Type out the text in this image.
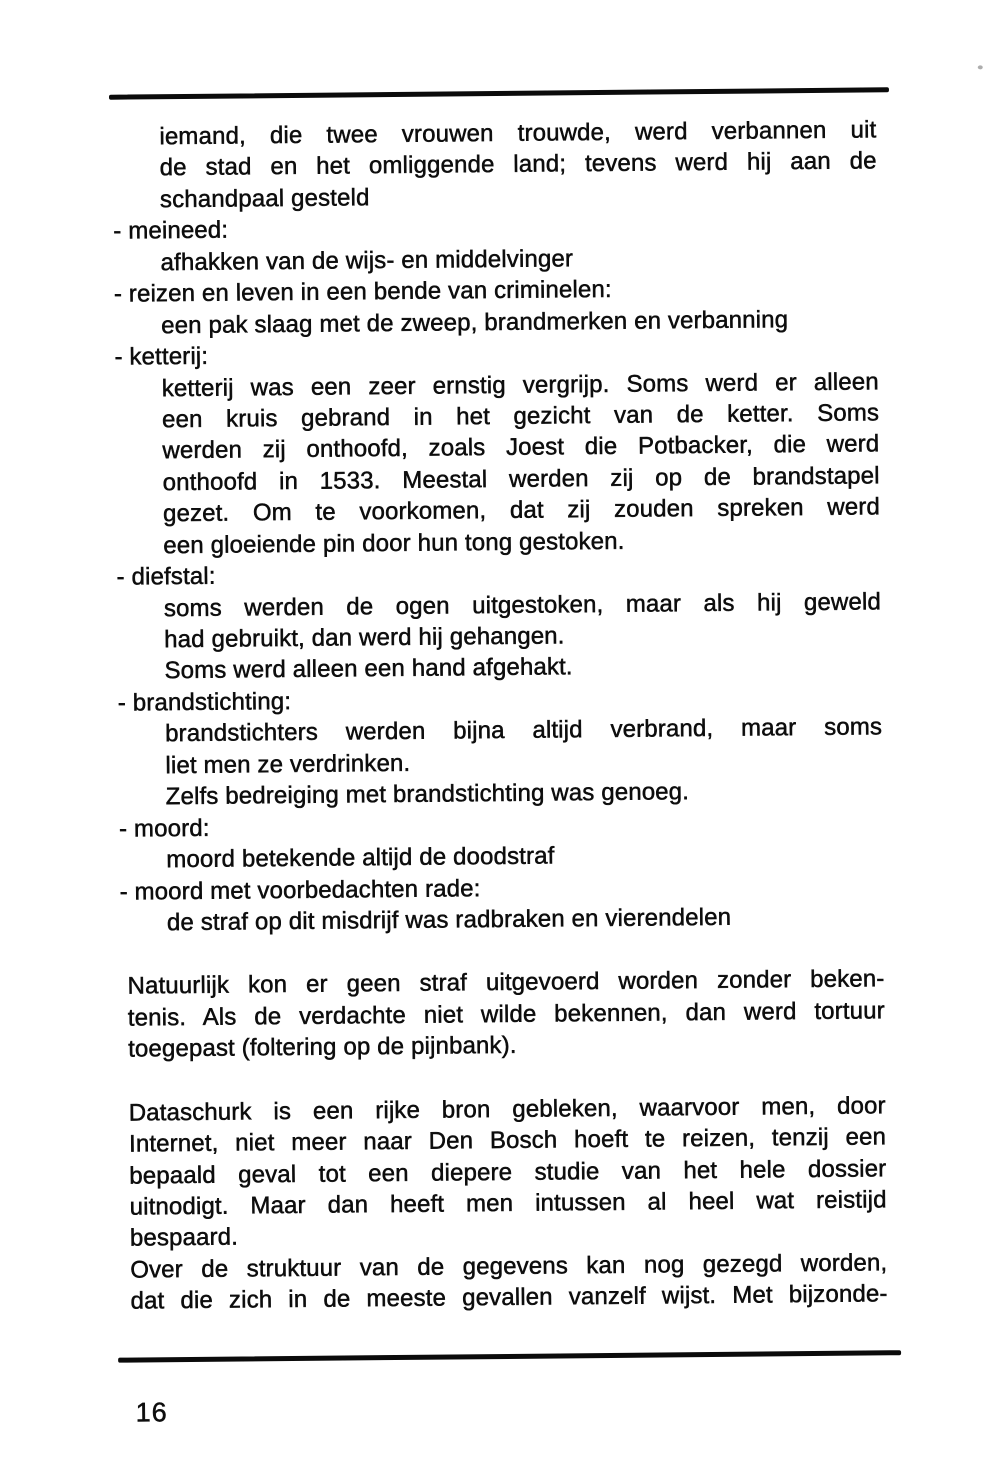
iemand, die twee vrouwen trouwde, werd verbannen uit
de stad en het omliggende land; tevens werd hij aan de
schandpaal gesteld
- meineed:
afhakken van de wijs- en middelvinger
- reizen en leven in een bende van criminelen:
een pak slaag met de zweep, brandmerken en verbanning
- ketterij:
ketterij was een zeer ernstig vergrijp. Soms werd er alleen
een kruis gebrand in het gezicht van de ketter. Soms
werden zij onthoofd, zoals Joest die Potbacker, die werd
onthoofd in 1533. Meestal werden zij op de brandstapel
gezet. Om te voorkomen, dat zij zouden spreken werd
een gloeiende pin door hun tong gestoken.
- diefstal:
soms werden de ogen uitgestoken, maar als hij geweld
had gebruikt, dan werd hij gehangen.
Soms werd alleen een hand afgehakt.
- brandstichting:
brandstichters werden bijna altijd verbrand, maar soms
liet men ze verdrinken.
Zelfs bedreiging met brandstichting was genoeg.
- moord:
moord betekende altijd de doodstraf
- moord met voorbedachten rade:
de straf op dit misdrijf was radbraken en vierendelen
Natuurlijk kon er geen straf uitgevoerd worden zonder beken-
tenis. Als de verdachte niet wilde bekennen, dan werd tortuur
toegepast (foltering op de pijnbank).
Dataschurk is een rijke bron gebleken, waarvoor men, door
Internet, niet meer naar Den Bosch hoeft te reizen, tenzij een
bepaald geval tot een diepere studie van het hele dossier
uitnodigt. Maar dan heeft men intussen al heel wat reistijd
bespaard.
Over de struktuur van de gegevens kan nog gezegd worden,
dat die zich in de meeste gevallen vanzelf wijst. Met bijzonde-
16
